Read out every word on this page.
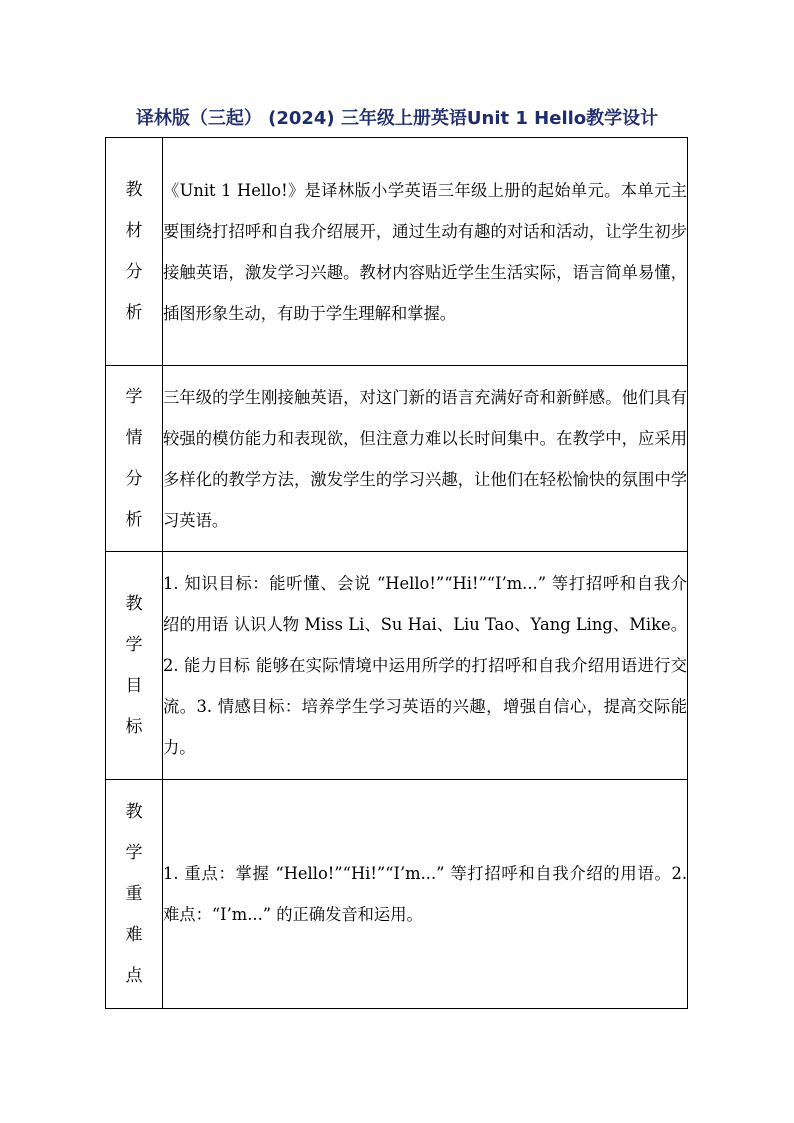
译林版（三起） (2024) 三年级上册英语Unit 1 Hello教学设计
教材分析	《Unit 1 Hello!》是译林版小学英语三年级上册的起始单元。本单元主要围绕打招呼和自我介绍展开，通过生动有趣的对话和活动，让学生初步接触英语，激发学习兴趣。教材内容贴近学生生活实际，语言简单易懂，插图形象生动，有助于学生理解和掌握。

学情分析	三年级的学生刚接触英语，对这门新的语言充满好奇和新鲜感。他们具有较强的模仿能力和表现欲，但注意力难以长时间集中。在教学中，应采用多样化的教学方法，激发学生的学习兴趣，让他们在轻松愉快的氛围中学习英语。

教学目标	1. 知识目标：能听懂、会说 “Hello!”“Hi!”“I’m...” 等打招呼和自我介绍的用语 认识人物 Miss Li、Su Hai、Liu Tao、Yang Ling、Mike。2. 能力目标 能够在实际情境中运用所学的打招呼和自我介绍用语进行交流。3. 情感目标：培养学生学习英语的兴趣，增强自信心，提高交际能力。

教学重难点	1. 重点：掌握 “Hello!”“Hi!”“I’m...” 等打招呼和自我介绍的用语。2. 难点：“I’m...” 的正确发音和运用。
